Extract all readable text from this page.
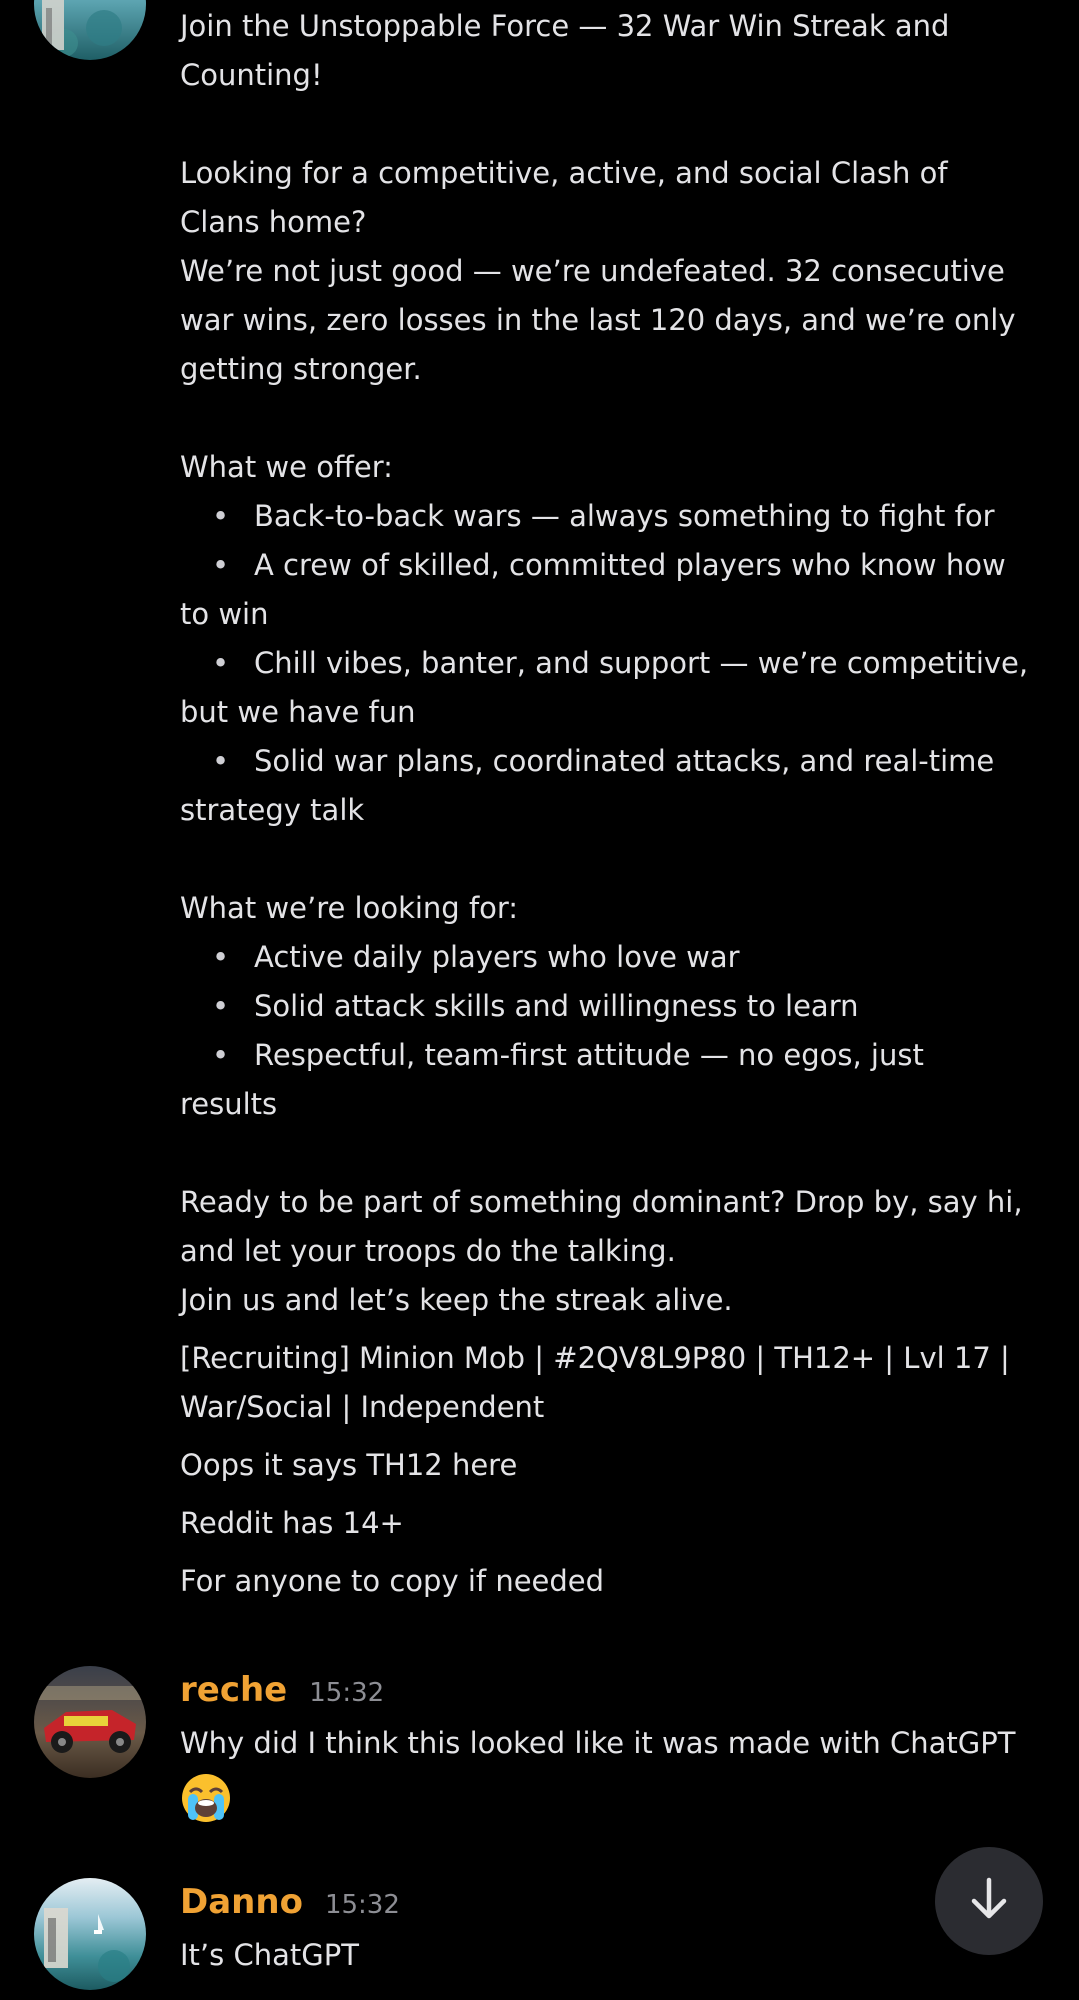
Join the Unstoppable Force — 32 War Win Streak and

Counting!

Looking for a competitive, active, and social Clash of

Clans home?

We’re not just good — we’re undefeated. 32 consecutive

war wins, zero losses in the last 120 days, and we’re only

getting stronger.

What we offer:

• Back-to-back wars — always something to fight for

• A crew of skilled, committed players who know how

to win

• Chill vibes, banter, and support — we’re competitive,

but we have fun

• Solid war plans, coordinated attacks, and real-time

strategy talk

What we’re looking for:

• Active daily players who love war

• Solid attack skills and willingness to learn

• Respectful, team-first attitude — no egos, just

results

Ready to be part of something dominant? Drop by, say hi,

and let your troops do the talking.

Join us and let’s keep the streak alive.

[Recruiting] Minion Mob | #2QV8L9P80 | TH12+ | Lvl 17 |

War/Social | Independent

Oops it says TH12 here

Reddit has 14+

For anyone to copy if needed

reche 15:32

Why did I think this looked like it was made with ChatGPT

Danno 15:32

It’s ChatGPT
